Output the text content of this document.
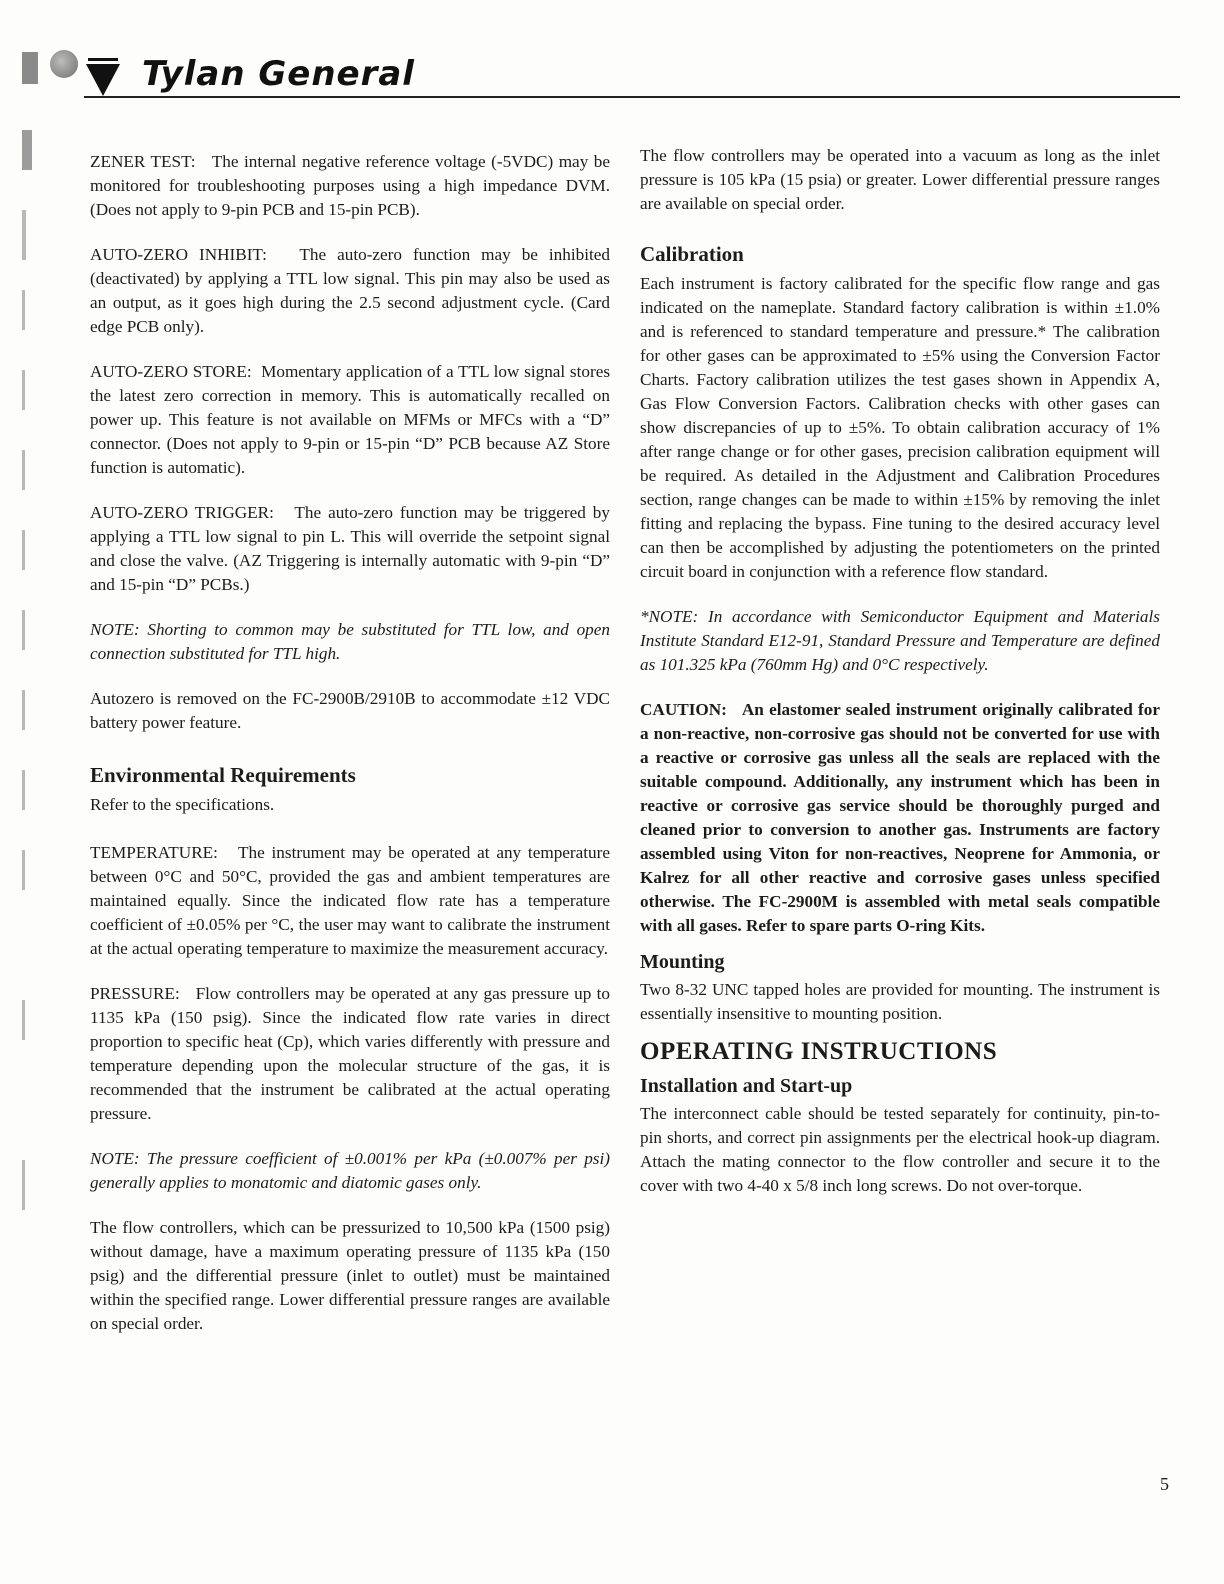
Tylan General

ZENER TEST: The internal negative reference voltage (-5VDC) may be monitored for troubleshooting purposes using a high impedance DVM. (Does not apply to 9-pin PCB and 15-pin PCB).

AUTO-ZERO INHIBIT: The auto-zero function may be inhibited (deactivated) by applying a TTL low signal. This pin may also be used as an output, as it goes high during the 2.5 second adjustment cycle. (Card edge PCB only).

AUTO-ZERO STORE: Momentary application of a TTL low signal stores the latest zero correction in memory. This is automatically recalled on power up. This feature is not available on MFMs or MFCs with a “D” connector. (Does not apply to 9-pin or 15-pin “D” PCB because AZ Store function is automatic).

AUTO-ZERO TRIGGER: The auto-zero function may be triggered by applying a TTL low signal to pin L. This will override the setpoint signal and close the valve. (AZ Triggering is internally automatic with 9-pin “D” and 15-pin “D” PCBs.)

NOTE: Shorting to common may be substituted for TTL low, and open connection substituted for TTL high.

Autozero is removed on the FC-2900B/2910B to accommodate ±12 VDC battery power feature.

Environmental Requirements

Refer to the specifications.

TEMPERATURE: The instrument may be operated at any temperature between 0°C and 50°C, provided the gas and ambient temperatures are maintained equally. Since the indicated flow rate has a temperature coefficient of ±0.05% per °C, the user may want to calibrate the instrument at the actual operating temperature to maximize the measurement accuracy.

PRESSURE: Flow controllers may be operated at any gas pressure up to 1135 kPa (150 psig). Since the indicated flow rate varies in direct proportion to specific heat (Cp), which varies differently with pressure and temperature depending upon the molecular structure of the gas, it is recommended that the instrument be calibrated at the actual operating pressure.

NOTE: The pressure coefficient of ±0.001% per kPa (±0.007% per psi) generally applies to monatomic and diatomic gases only.

The flow controllers, which can be pressurized to 10,500 kPa (1500 psig) without damage, have a maximum operating pressure of 1135 kPa (150 psig) and the differential pressure (inlet to outlet) must be maintained within the specified range. Lower differential pressure ranges are available on special order.

The flow controllers may be operated into a vacuum as long as the inlet pressure is 105 kPa (15 psia) or greater. Lower differential pressure ranges are available on special order.

Calibration

Each instrument is factory calibrated for the specific flow range and gas indicated on the nameplate. Standard factory calibration is within ±1.0% and is referenced to standard temperature and pressure.* The calibration for other gases can be approximated to ±5% using the Conversion Factor Charts. Factory calibration utilizes the test gases shown in Appendix A, Gas Flow Conversion Factors. Calibration checks with other gases can show discrepancies of up to ±5%. To obtain calibration accuracy of 1% after range change or for other gases, precision calibration equipment will be required. As detailed in the Adjustment and Calibration Procedures section, range changes can be made to within ±15% by removing the inlet fitting and replacing the bypass. Fine tuning to the desired accuracy level can then be accomplished by adjusting the potentiometers on the printed circuit board in conjunction with a reference flow standard.

*NOTE: In accordance with Semiconductor Equipment and Materials Institute Standard E12-91, Standard Pressure and Temperature are defined as 101.325 kPa (760mm Hg) and 0°C respectively.

CAUTION: An elastomer sealed instrument originally calibrated for a non-reactive, non-corrosive gas should not be converted for use with a reactive or corrosive gas unless all the seals are replaced with the suitable compound. Additionally, any instrument which has been in reactive or corrosive gas service should be thoroughly purged and cleaned prior to conversion to another gas. Instruments are factory assembled using Viton for non-reactives, Neoprene for Ammonia, or Kalrez for all other reactive and corrosive gases unless specified otherwise. The FC-2900M is assembled with metal seals compatible with all gases. Refer to spare parts O-ring Kits.

Mounting

Two 8-32 UNC tapped holes are provided for mounting. The instrument is essentially insensitive to mounting position.

OPERATING INSTRUCTIONS
Installation and Start-up

The interconnect cable should be tested separately for continuity, pin-to-pin shorts, and correct pin assignments per the electrical hook-up diagram. Attach the mating connector to the flow controller and secure it to the cover with two 4-40 x 5/8 inch long screws. Do not over-torque.

5
